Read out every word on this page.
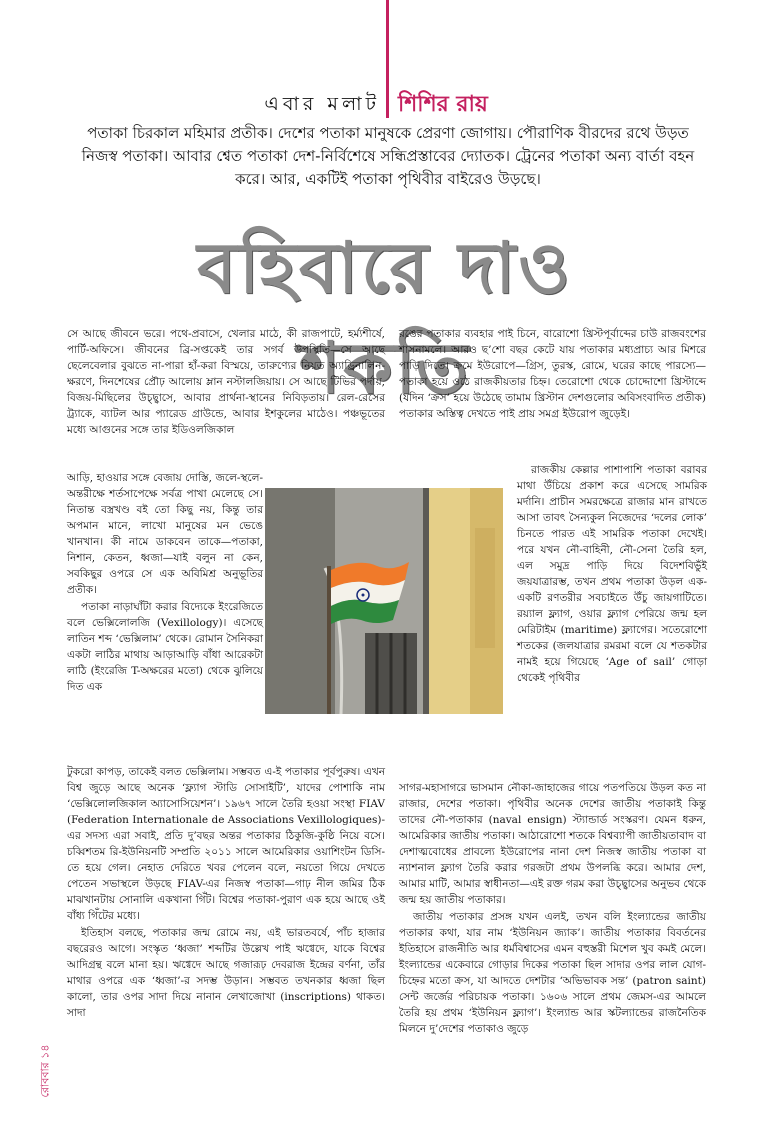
এবার মলাট শিশির রায়
পতাকা চিরকাল মহিমার প্রতীক। দেশের পতাকা মানুষকে প্রেরণা জোগায়। পৌরাণিক বীরদের রথে উড়ত নিজস্ব পতাকা। আবার শ্বেত পতাকা দেশ-নির্বিশেষে সন্ধিপ্রস্তাবের দ্যোতক। ট্রেনের পতাকা অন্য বার্তা বহন করে। আর, একটিই পতাকা পৃথিবীর বাইরেও উড়ছে।
বহিবারে দাও শকতি

সে আছে জীবনে ভরে। পথে-প্রবাসে, খেলার মাঠে, কী রাজপাটে, হর্ম্যশীর্ষে, পার্টি-অফিসে। জীবনের ব্রি-সপ্তকেই তার সগর্ব উপস্থিতি—সে আছে ছেলেবেলার বুঝতে না-পারা হাঁ-করা বিস্ময়ে, তারুণ্যের নিয়ত অ্যাড্রিনালিন-ক্ষরণে, দিনশেষের প্রৌঢ় আলোয় ম্লান নস্টালজিয়ায়। সে আছে টিভির পর্দায়, বিজয়-মিছিলের উচ্ছ্বাসে, আবার প্রার্থনা-স্থানের নিবিড়তায়। রেল-রেসের ট্র্যাকে, ব্যাটল আর প্যারেড গ্রাউন্ডে, আবার ইশকুলের মাঠেও। পঞ্চভূতের মধ্যে আগুনের সঙ্গে তার ইডিওলজিকাল

আড়ি, হাওয়ার সঙ্গে বেজায় দোস্তি, জলে-স্থলে-অন্তরীক্ষে শর্তসাপেক্ষে সর্বত্র পাখা মেলেছে সে। নিতান্ত বস্ত্রখণ্ড বই তো কিছু নয়, কিন্তু তার অপমান মানে, লাখো মানুষের মন ভেঙে খানখান। কী নামে ডাকবেন তাকে—পতাকা, নিশান, কেতন, ধ্বজা—যাই বলুন না কেন, সবকিছুর ওপরে সে এক অবিমিশ্র অনুভূতির প্রতীক।

পতাকা নাড়াঘাঁটা করার বিদ্যেকে ইংরেজিতে বলে ভেক্সিলোলজি (Vexillology)। এসেছে লাতিন শব্দ ‘ভেক্সিলাম’ থেকে। রোমান সৈনিকরা একটা লাঠির মাথায় আড়াআড়ি বাঁধা আরেকটা লাঠি (ইংরেজি T-অক্ষরের মতো) থেকে ঝুলিয়ে দিত এক

টুকরো কাপড়, তাকেই বলত ভেক্সিলাম। সম্ভবত এ-ই পতাকার পূর্বপুরুষ। এখন বিশ্ব জুড়ে আছে অনেক ‘ফ্ল্যাগ স্টাডি সোসাইটি’, যাদের পোশাকি নাম ‘ভেক্সিলোলজিকাল অ্যাসোসিয়েশন’। ১৯৬৭ সালে তৈরি হওয়া সংস্থা FIAV (Federation Internationale de Associations Vexillologiques)-এর সদস্য এরা সবাই, প্রতি দু’বছর অন্তর পতাকার ঠিকুজি-কুষ্ঠি নিয়ে বসে। চব্বিশতম রি-ইউনিয়নটি সম্প্রতি ২০১১ সালে আমেরিকার ওয়াশিংটন ডিসি-তে হয়ে গেল। নেহাত দেরিতে খবর পেলেন বলে, নয়তো গিয়ে দেখতে পেতেন সভাস্থলে উড়ছে FIAV-এর নিজস্ব পতাকা—গাঢ় নীল জমির ঠিক মাঝখানটায় সোনালি একখানা গিঁট। বিশ্বের পতাকা-পুরাণ এক হয়ে আছে ওই বাঁধ্য গিঁটের মধ্যে।

ইতিহাস বলছে, পতাকার জন্ম রোমে নয়, এই ভারতবর্ষে, পাঁচ হাজার বছরেরও আগে। সংস্কৃত ‘ধ্বজা’ শব্দটির উল্লেখ পাই ঋগ্বেদে, যাকে বিশ্বের আদিগ্রন্থ বলে মানা হয়। ঋগ্বেদে আছে গজারূঢ় দেবরাজ ইন্দ্রের বর্ণনা, তাঁর মাথার ওপরে এক ‘ধ্বজা’-র সদম্ভ উড়ান। সম্ভবত তখনকার ধ্বজা ছিল কালো, তার ওপর সাদা দিয়ে নানান লেখাজোখা (inscriptions) থাকত। সাদা

রঙের পতাকার ব্যবহার পাই চিনে, বারোশো খ্রিস্টপূর্বাব্দের চাউ রাজবংশের শাসনামলে। আরও ছ’শো বছর কেটে যায় পতাকার মধ্যপ্রাচ্য আর মিশরে পাড়ি দিতে। ক্রমে ইউরোপে—গ্রিস, তুরস্ক, রোমে, ঘরের কাছে পারস্যে—পতাকা হয়ে ওঠে রাজকীয়তার চিহ্ন। তেরোশো থেকে চোদ্দোশো খ্রিস্টাব্দে (যদিন ‘ক্রস’ হয়ে উঠেছে তামাম খ্রিস্টান দেশগুলোর অবিসংবাদিত প্রতীক) পতাকার অস্তিত্ব দেখতে পাই প্রায় সমগ্র ইউরোপ জুড়েই।

রাজকীয় কেল্লার পাশাপাশি পতাকা বরাবর মাথা উঁচিয়ে প্রকাশ করে এসেছে সামরিক মর্দানি। প্রাচীন সমরক্ষেত্রে রাজার মান রাখতে আসা তাবৎ সৈন্যকুল নিজেদের ‘দলের লোক’ চিনতে পারত এই সামরিক পতাকা দেখেই। পরে যখন নৌ-বাহিনী, নৌ-সেনা তৈরি হল, এল সমুদ্র পাড়ি দিয়ে বিদেশবিভুঁই জয়যাত্রারম্ভ, তখন প্রথম পতাকা উড়ল এক-একটি রণতরীর সবচাইতে উঁচু জায়গাটিতে। রয়্যাল ফ্ল্যাগ, ওয়ার ফ্ল্যাগ পেরিয়ে জন্ম হল মেরিটাইম (maritime) ফ্ল্যাগের। সতেরোশো শতকের (জলযাত্রার রমরমা বলে যে শতকটার নামই হয়ে গিয়েছে ‘Age of sail’ গোড়া থেকেই পৃথিবীর

সাগর-মহাসাগরে ভাসমান নৌকা-জাহাজের গায়ে পতপতিয়ে উড়ল কত না রাজার, দেশের পতাকা। পৃথিবীর অনেক দেশের জাতীয় পতাকাই কিন্তু তাদের নৌ-পতাকার (naval ensign) স্ট্যান্ডার্ড সংস্করণ। যেমন ধরুন, আমেরিকার জাতীয় পতাকা। আঠারোশো শতকে বিশ্বব্যাপী জাতীয়তাবাদ বা দেশাত্মবোধের প্রাবল্যে ইউরোপের নানা দেশ নিজস্ব জাতীয় পতাকা বা ন্যাশনাল ফ্ল্যাগ তৈরি করার গরজটা প্রথম উপলব্ধি করে। আমার দেশ, আমার মাটি, আমার স্বাধীনতা—এই রক্ত গরম করা উচ্ছ্বাসের অনুভব থেকে জন্ম হয় জাতীয় পতাকার।

জাতীয় পতাকার প্রসঙ্গ যখন এলই, তখন বলি ইংল্যান্ডের জাতীয় পতাকার কথা, যার নাম ‘ইউনিয়ন জ্যাক’। জাতীয় পতাকার বিবর্তনের ইতিহাসে রাজনীতি আর ধর্মবিশ্বাসের এমন বহুস্তরী মিশেল খুব কমই মেলে। ইংল্যান্ডের একেবারে গোড়ার দিকের পতাকা ছিল সাদার ওপর লাল যোগ-চিহ্নের মতো ক্রস, যা আদতে দেশটার ‘অভিভাবক সন্ত’ (patron saint) সেন্ট জর্জের পরিচায়ক পতাকা। ১৬০৬ সালে প্রথম জেমস-এর আমলে তৈরি হয় প্রথম ‘ইউনিয়ন ফ্ল্যাগ’। ইংল্যান্ড আর স্কটল্যান্ডের রাজনৈতিক মিলনে দু’দেশের পতাকাও জুড়ে

রোববার ১৪
